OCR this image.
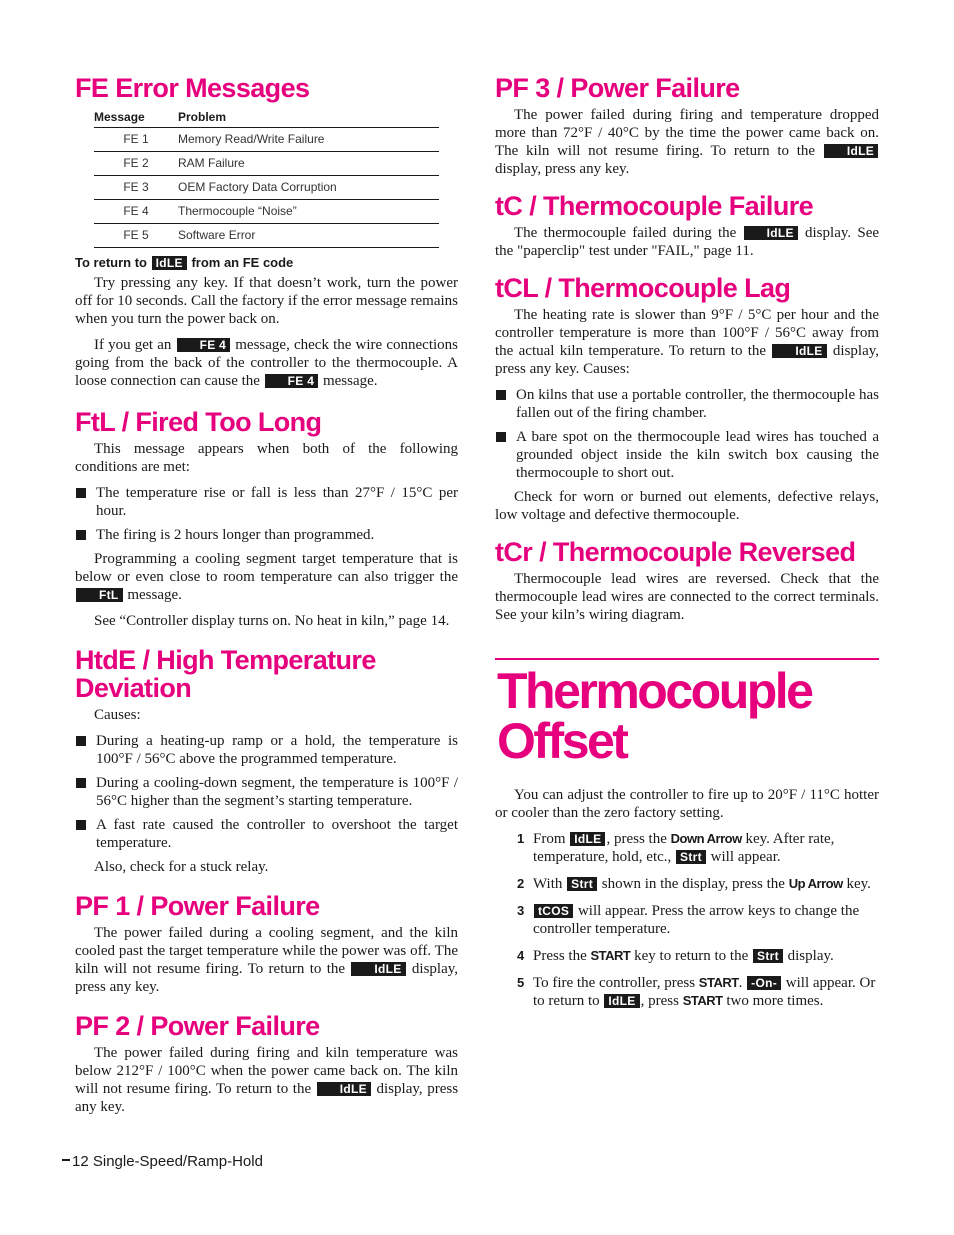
FE Error Messages
Message	Problem
FE 1	Memory Read/Write Failure
FE 2	RAM Failure
FE 3	OEM Factory Data Corruption
FE 4	Thermocouple “Noise”
FE 5	Software Error
To return to IdLE from an FE code

Try pressing any key. If that doesn’t work, turn the power off for 10 seconds. Call the factory if the error message remains when you turn the power back on.

If you get an FE 4 message, check the wire connections going from the back of the controller to the thermocouple. A loose connection can cause the FE 4 message.

FtL / Fired Too Long

This message appears when both of the following conditions are met:

The temperature rise or fall is less than 27°F / 15°C per hour.
The firing is 2 hours longer than programmed.

Programming a cooling segment target temperature that is below or even close to room temperature can also trigger the FtL message.

See “Controller display turns on. No heat in kiln,” page 14.

HtdE / High Temperature Deviation

Causes:

During a heating-up ramp or a hold, the temperature is 100°F / 56°C above the programmed temperature.
During a cooling-down segment, the temperature is 100°F / 56°C higher than the segment’s starting temperature.
A fast rate caused the controller to overshoot the target temperature.

Also, check for a stuck relay.

PF 1 / Power Failure

The power failed during a cooling segment, and the kiln cooled past the target temperature while the power was off. The kiln will not resume firing. To return to the IdLE display, press any key.

PF 2 / Power Failure

The power failed during firing and kiln temperature was below 212°F / 100°C when the power came back on. The kiln will not resume firing. To return to the IdLE display, press any key.

PF 3 / Power Failure

The power failed during firing and temperature dropped more than 72°F / 40°C by the time the power came back on. The kiln will not resume firing. To return to the	IdLE display, press any key.

tC / Thermocouple Failure

The thermocouple failed during the	IdLE display. See the "paperclip" test under "FAIL," page 11.

tCL / Thermocouple Lag

The heating rate is slower than 9°F / 5°C per hour and the controller temperature is more than 100°F / 56°C away from the actual kiln temperature. To return to the IdLE display, press any key. Causes:

On kilns that use a portable controller, the thermocouple has fallen out of the firing chamber.
A bare spot on the thermocouple lead wires has touched a grounded object inside the kiln switch box causing the thermocouple to short out.

Check for worn or burned out elements, defective relays, low voltage and defective thermocouple.

tCr / Thermocouple Reversed

Thermocouple lead wires are reversed. Check that the thermocouple lead wires are connected to the correct terminals. See your kiln’s wiring diagram.

Thermocouple
Offset

You can adjust the controller to fire up to 20°F / 11°C hotter or cooler than the zero factory setting.

1 From IdLE , press the Down Arrow key. After rate, temperature, hold, etc., Strt will appear.
2 With Strt shown in the display, press the Up Arrow key.
3 tCOS will appear. Press the arrow keys to change the controller temperature.
4 Press the START key to return to the Strt display.
5 To fire the controller, press START. -On- will appear. Or to return to IdLE , press START two more times.
12 Single-Speed/Ramp-Hold
